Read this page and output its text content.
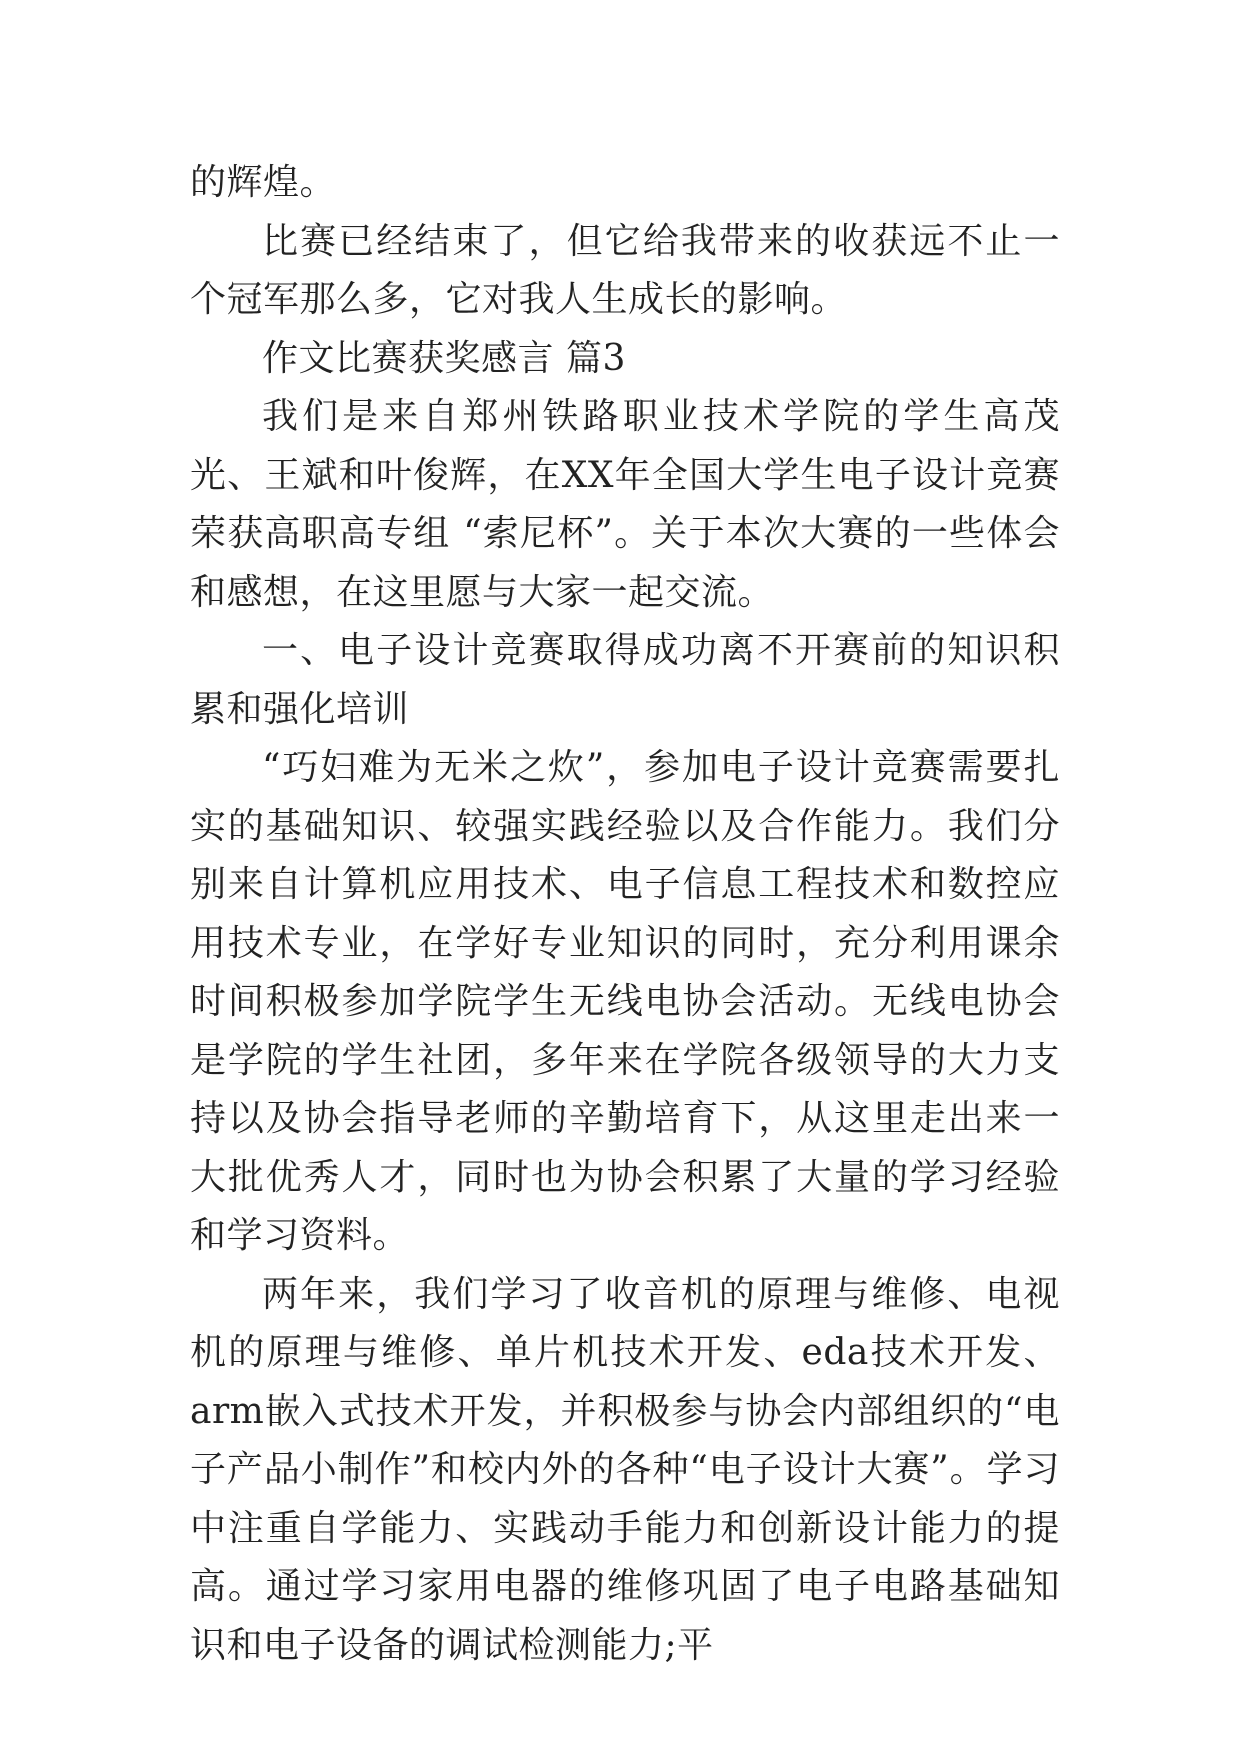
的辉煌。

比赛已经结束了，但它给我带来的收获远不止一个冠军那么多，它对我人生成长的影响。

作文比赛获奖感言 篇3

我们是来自郑州铁路职业技术学院的学生高茂光、王斌和叶俊辉，在XX年全国大学生电子设计竞赛荣获高职高专组 “索尼杯”。关于本次大赛的一些体会和感想，在这里愿与大家一起交流。

一、电子设计竞赛取得成功离不开赛前的知识积累和强化培训

“巧妇难为无米之炊”，参加电子设计竞赛需要扎实的基础知识、较强实践经验以及合作能力。我们分别来自计算机应用技术、电子信息工程技术和数控应用技术专业，在学好专业知识的同时，充分利用课余时间积极参加学院学生无线电协会活动。无线电协会是学院的学生社团，多年来在学院各级领导的大力支持以及协会指导老师的辛勤培育下，从这里走出来一大批优秀人才，同时也为协会积累了大量的学习经验和学习资料。

两年来，我们学习了收音机的原理与维修、电视机的原理与维修、单片机技术开发、eda技术开发、arm嵌入式技术开发，并积极参与协会内部组织的“电子产品小制作”和校内外的各种“电子设计大赛”。学习中注重自学能力、实践动手能力和创新设计能力的提高。通过学习家用电器的维修巩固了电子电路基础知识和电子设备的调试检测能力;平
